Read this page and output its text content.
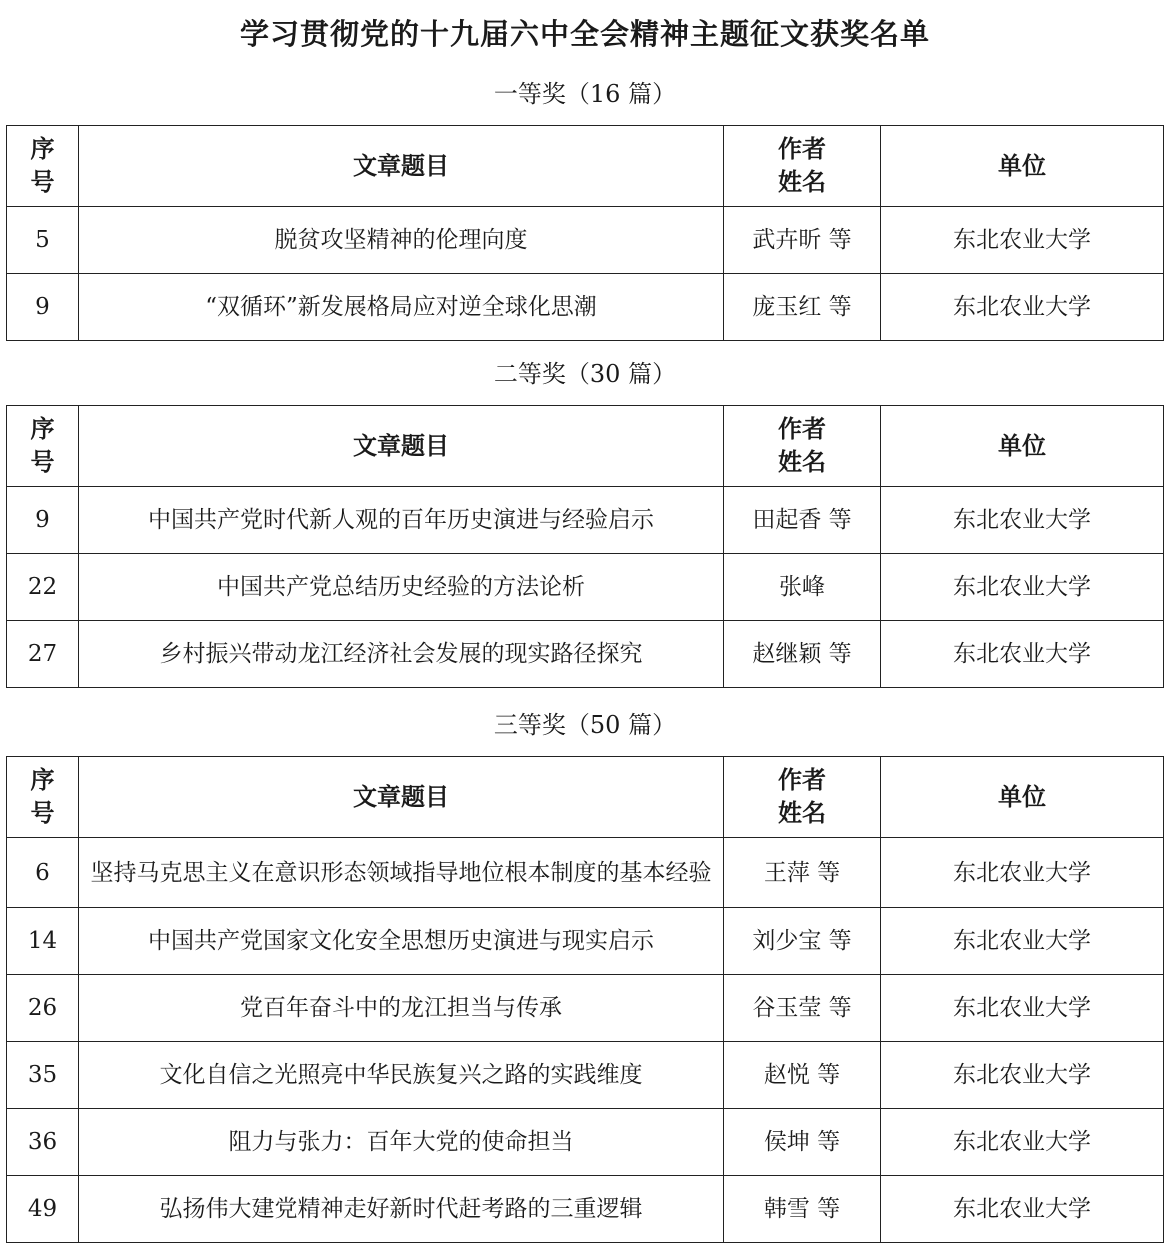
学习贯彻党的十九届六中全会精神主题征文获奖名单
一等奖（16 篇）
序号	文章题目	作者姓名	单位
5	脱贫攻坚精神的伦理向度	武卉昕 等	东北农业大学
9	“双循环”新发展格局应对逆全球化思潮	庞玉红 等	东北农业大学
二等奖（30 篇）
序号	文章题目	作者姓名	单位
9	中国共产党时代新人观的百年历史演进与经验启示	田起香 等	东北农业大学
22	中国共产党总结历史经验的方法论析	张峰	东北农业大学
27	乡村振兴带动龙江经济社会发展的现实路径探究	赵继颖 等	东北农业大学
三等奖（50 篇）
序号	文章题目	作者姓名	单位
6	坚持马克思主义在意识形态领域指导地位根本制度的基本经验	王萍 等	东北农业大学
14	中国共产党国家文化安全思想历史演进与现实启示	刘少宝 等	东北农业大学
26	党百年奋斗中的龙江担当与传承	谷玉莹 等	东北农业大学
35	文化自信之光照亮中华民族复兴之路的实践维度	赵悦 等	东北农业大学
36	阻力与张力：百年大党的使命担当	侯坤 等	东北农业大学
49	弘扬伟大建党精神走好新时代赶考路的三重逻辑	韩雪 等	东北农业大学
